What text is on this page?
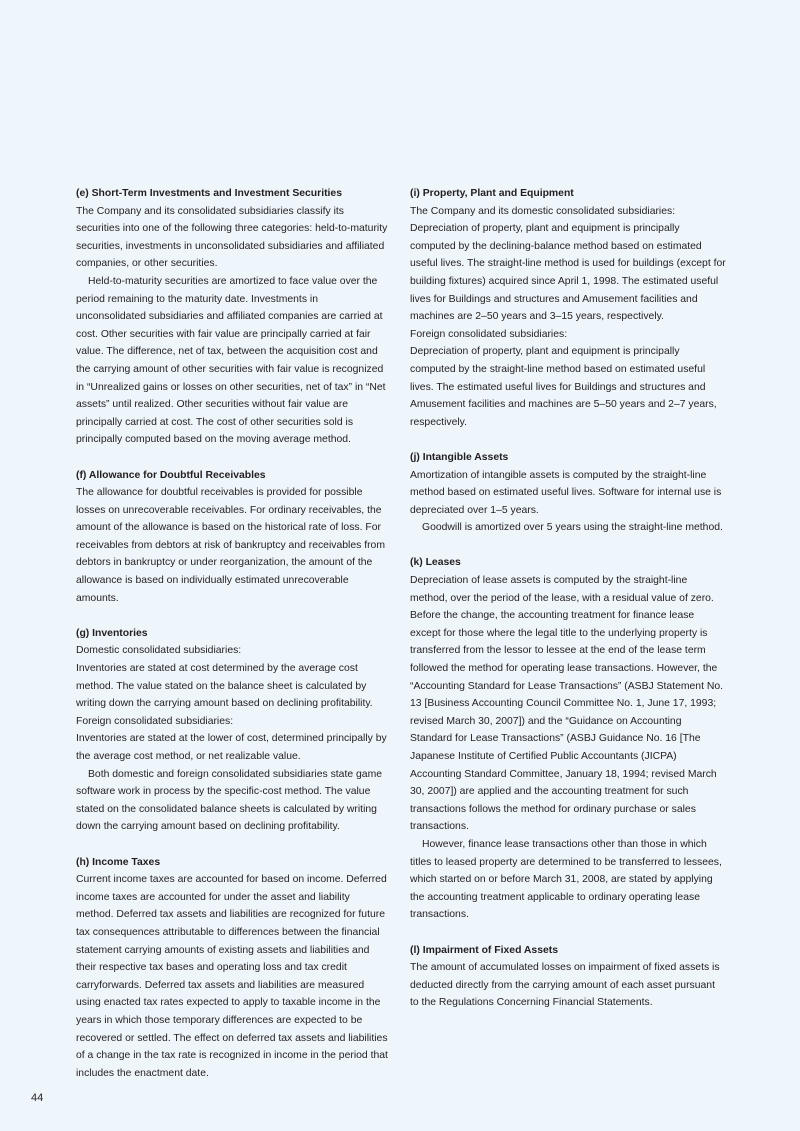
(e) Short-Term Investments and Investment Securities

The Company and its consolidated subsidiaries classify its securities into one of the following three categories: held-to-maturity securities, investments in unconsolidated subsidiaries and affiliated companies, or other securities.

Held-to-maturity securities are amortized to face value over the period remaining to the maturity date. Investments in unconsolidated subsidiaries and affiliated companies are carried at cost. Other securities with fair value are principally carried at fair value. The difference, net of tax, between the acquisition cost and the carrying amount of other securities with fair value is recognized in “Unrealized gains or losses on other securities, net of tax” in “Net assets” until realized. Other securities without fair value are principally carried at cost. The cost of other securities sold is principally computed based on the moving average method.

(f) Allowance for Doubtful Receivables

The allowance for doubtful receivables is provided for possible losses on unrecoverable receivables. For ordinary receivables, the amount of the allowance is based on the historical rate of loss. For receivables from debtors at risk of bankruptcy and receivables from debtors in bankruptcy or under reorganization, the amount of the allowance is based on individually estimated unrecoverable amounts.

(g) Inventories

Domestic consolidated subsidiaries:

Inventories are stated at cost determined by the average cost method. The value stated on the balance sheet is calculated by writing down the carrying amount based on declining profitability.

Foreign consolidated subsidiaries:

Inventories are stated at the lower of cost, determined principally by the average cost method, or net realizable value.

Both domestic and foreign consolidated subsidiaries state game software work in process by the specific-cost method. The value stated on the consolidated balance sheets is calculated by writing down the carrying amount based on declining profitability.

(h) Income Taxes

Current income taxes are accounted for based on income. Deferred income taxes are accounted for under the asset and liability method. Deferred tax assets and liabilities are recognized for future tax consequences attributable to differences between the financial statement carrying amounts of existing assets and liabilities and their respective tax bases and operating loss and tax credit carryforwards. Deferred tax assets and liabilities are measured using enacted tax rates expected to apply to taxable income in the years in which those temporary differences are expected to be recovered or settled. The effect on deferred tax assets and liabilities of a change in the tax rate is recognized in income in the period that includes the enactment date.

(i) Property, Plant and Equipment

The Company and its domestic consolidated subsidiaries:

Depreciation of property, plant and equipment is principally computed by the declining-balance method based on estimated useful lives. The straight-line method is used for buildings (except for building fixtures) acquired since April 1, 1998. The estimated useful lives for Buildings and structures and Amusement facilities and machines are 2–50 years and 3–15 years, respectively.

Foreign consolidated subsidiaries:

Depreciation of property, plant and equipment is principally computed by the straight-line method based on estimated useful lives. The estimated useful lives for Buildings and structures and Amusement facilities and machines are 5–50 years and 2–7 years, respectively.

(j) Intangible Assets

Amortization of intangible assets is computed by the straight-line method based on estimated useful lives. Software for internal use is depreciated over 1–5 years.

Goodwill is amortized over 5 years using the straight-line method.

(k) Leases

Depreciation of lease assets is computed by the straight-line method, over the period of the lease, with a residual value of zero. Before the change, the accounting treatment for finance lease except for those where the legal title to the underlying property is transferred from the lessor to lessee at the end of the lease term followed the method for operating lease transactions. However, the “Accounting Standard for Lease Transactions” (ASBJ Statement No. 13 [Business Accounting Council Committee No. 1, June 17, 1993; revised March 30, 2007]) and the “Guidance on Accounting Standard for Lease Transactions” (ASBJ Guidance No. 16 [The Japanese Institute of Certified Public Accountants (JICPA) Accounting Standard Committee, January 18, 1994; revised March 30, 2007]) are applied and the accounting treatment for such transactions follows the method for ordinary purchase or sales transactions.

However, finance lease transactions other than those in which titles to leased property are determined to be transferred to lessees, which started on or before March 31, 2008, are stated by applying the accounting treatment applicable to ordinary operating lease transactions.

(l) Impairment of Fixed Assets

The amount of accumulated losses on impairment of fixed assets is deducted directly from the carrying amount of each asset pursuant to the Regulations Concerning Financial Statements.

44
